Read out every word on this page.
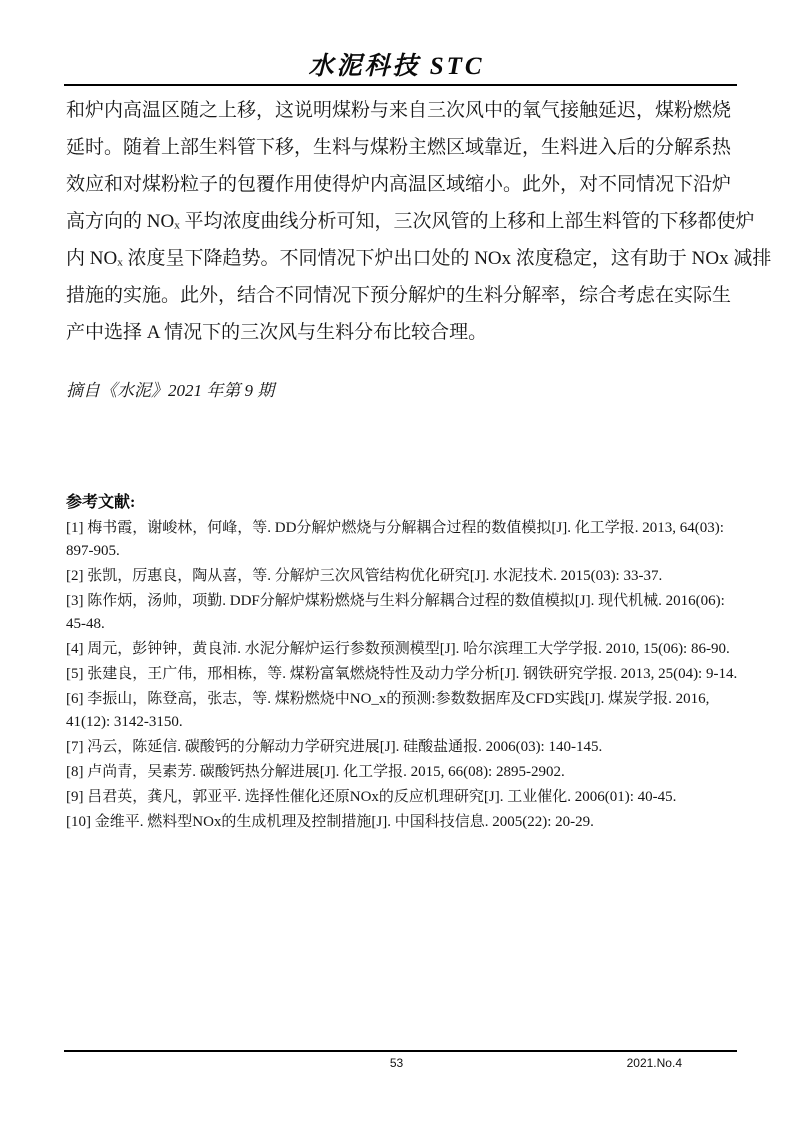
水泥科技 STC
和炉内高温区随之上移，这说明煤粉与来自三次风中的氧气接触延迟，煤粉燃烧
延时。随着上部生料管下移，生料与煤粉主燃区域靠近，生料进入后的分解系热
效应和对煤粉粒子的包覆作用使得炉内高温区域缩小。此外，对不同情况下沿炉
高方向的 NOₓ 平均浓度曲线分析可知，三次风管的上移和上部生料管的下移都使炉
内 NOₓ 浓度呈下降趋势。不同情况下炉出口处的 NOx 浓度稳定，这有助于 NOx 减排
措施的实施。此外，结合不同情况下预分解炉的生料分解率，综合考虑在实际生
产中选择 A 情况下的三次风与生料分布比较合理。
摘自《水泥》2021 年第 9 期
参考文献:
[1] 梅书霞，谢峻林，何峰，等. DD分解炉燃烧与分解耦合过程的数值模拟[J]. 化工学报. 2013, 64(03): 897-905.
[2] 张凯，厉惠良，陶从喜，等. 分解炉三次风管结构优化研究[J]. 水泥技术. 2015(03): 33-37.
[3] 陈作炳，汤帅，项勤. DDF分解炉煤粉燃烧与生料分解耦合过程的数值模拟[J]. 现代机械. 2016(06): 45-48.
[4] 周元，彭钟钟，黄良沛. 水泥分解炉运行参数预测模型[J]. 哈尔滨理工大学学报. 2010, 15(06): 86-90.
[5] 张建良，王广伟，邢相栋，等. 煤粉富氧燃烧特性及动力学分析[J]. 钢铁研究学报. 2013, 25(04): 9-14.
[6] 李振山，陈登高，张志，等. 煤粉燃烧中NO_x的预测:参数数据库及CFD实践[J]. 煤炭学报. 2016, 41(12): 3142-3150.
[7] 冯云，陈延信. 碳酸钙的分解动力学研究进展[J]. 硅酸盐通报. 2006(03): 140-145.
[8] 卢尚青，吴素芳. 碳酸钙热分解进展[J]. 化工学报. 2015, 66(08): 2895-2902.
[9] 吕君英，龚凡，郭亚平. 选择性催化还原NOx的反应机理研究[J]. 工业催化. 2006(01): 40-45.
[10] 金维平. 燃料型NOx的生成机理及控制措施[J]. 中国科技信息. 2005(22): 20-29.
53	2021.No.4
